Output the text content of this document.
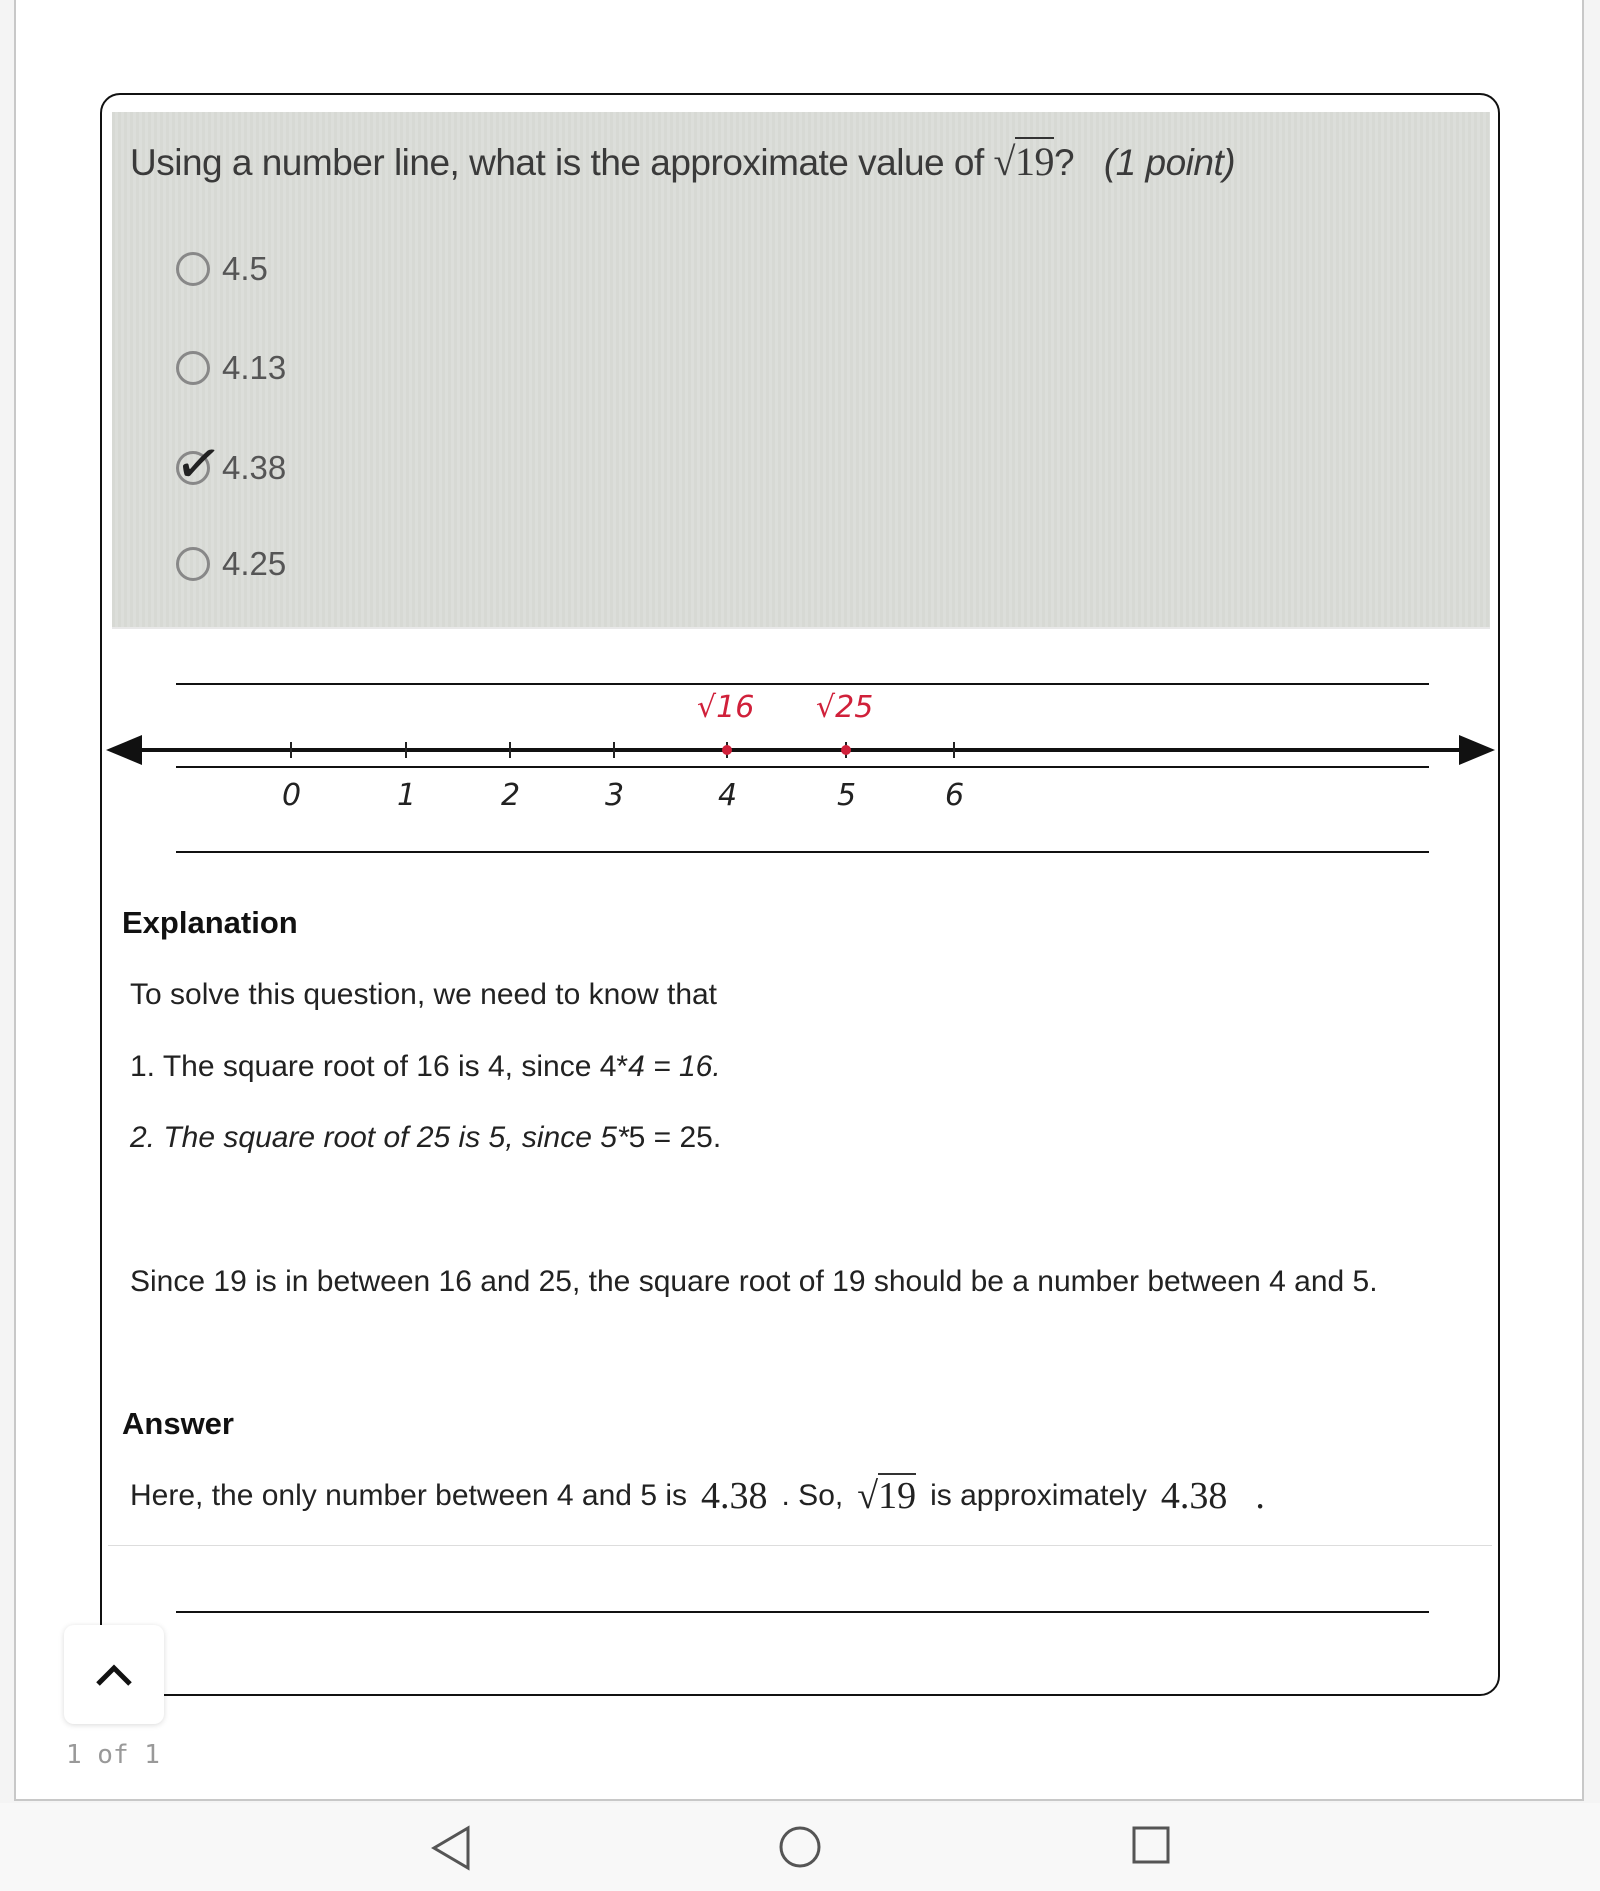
Using a number line, what is the approximate value of √19? (1 point)
4.5
4.13
4.38
✓
4.25
0	1	2	3	4	5	6
√16 √25
Explanation
To solve this question, we need to know that
1. The square root of 16 is 4, since 4*4 = 16.
2. The square root of 25 is 5, since 5*5 = 25.
Since 19 is in between 16 and 25, the square root of 19 should be a number between 4 and 5.
Answer
Here, the only number between 4 and 5 is 4.38 . So, √19 is approximately 4.38 .
1 of 1
